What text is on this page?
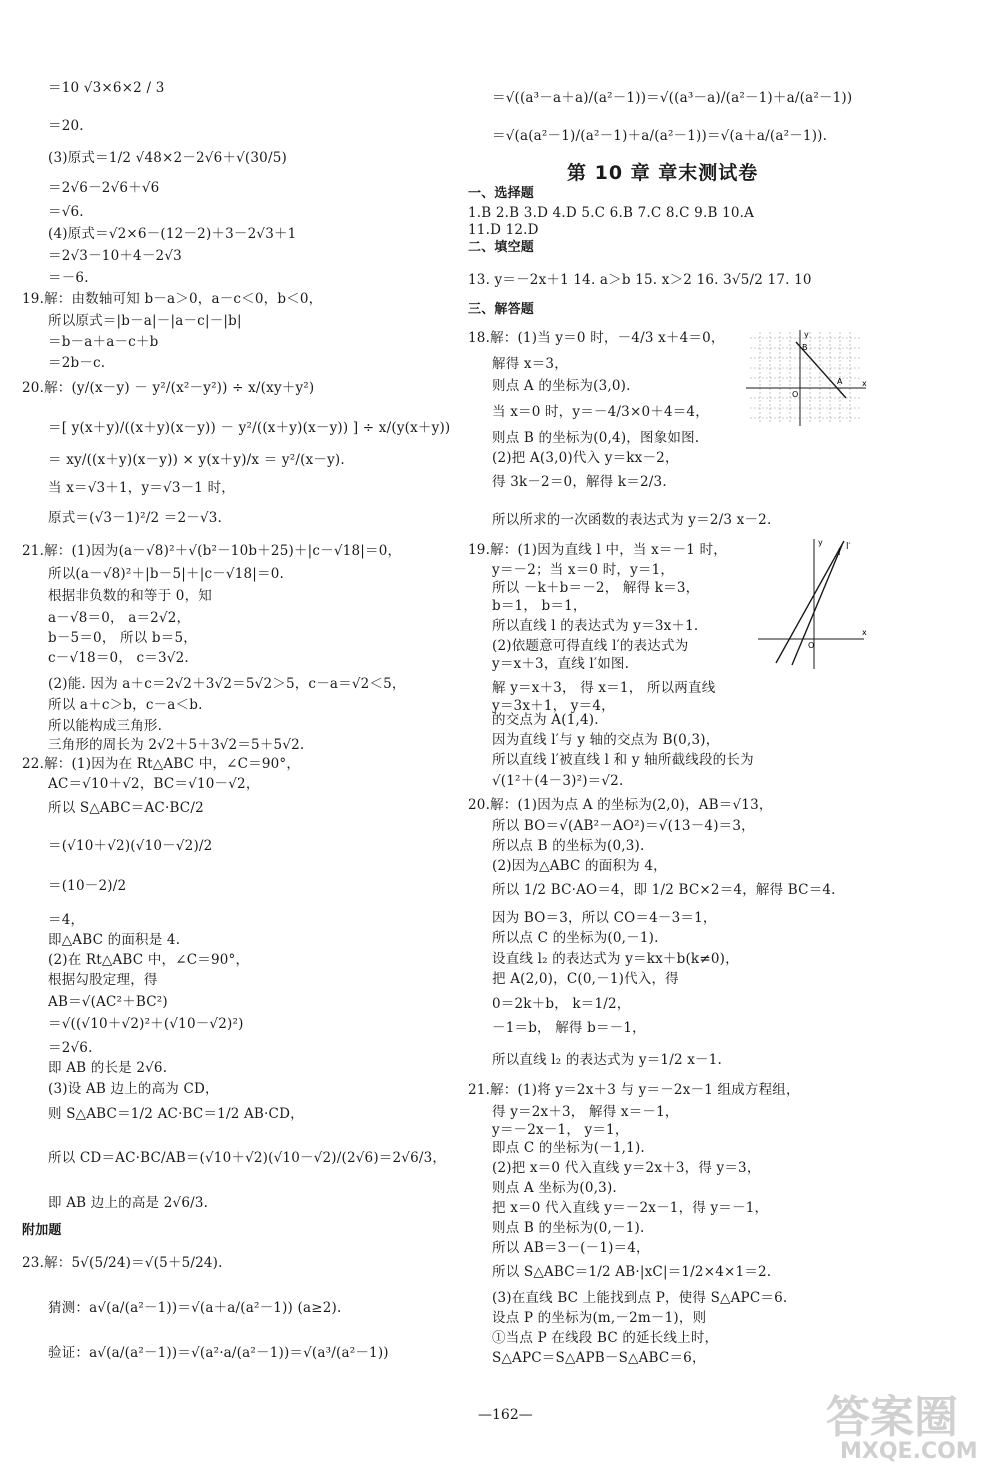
＝10 √3×6×2 / 3
＝20.
(3)原式＝1/2 √48×2－2√6＋√(30/5)
＝2√6－2√6＋√6
＝√6.
(4)原式＝√2×6－(12－2)＋3－2√3＋1
＝2√3－10＋4－2√3
＝－6.
19.解：由数轴可知 b－a＞0，a－c＜0，b＜0，
所以原式＝|b－a|－|a－c|－|b|
＝b－a＋a－c＋b
＝2b－c.
20.解：(y/(x－y) － y²/(x²－y²)) ÷ x/(xy＋y²)
＝[ y(x＋y)/((x＋y)(x－y)) － y²/((x＋y)(x－y)) ] ÷ x/(y(x＋y))
＝ xy/((x＋y)(x－y)) × y(x＋y)/x ＝ y²/(x－y).
当 x＝√3＋1，y＝√3－1 时，
原式＝(√3－1)²/2 ＝2－√3.
21.解：(1)因为(a－√8)²＋√(b²－10b＋25)＋|c－√18|＝0，
所以(a－√8)²＋|b－5|＋|c－√18|＝0.
根据非负数的和等于 0，知
a－√8＝0， a＝2√2，
b－5＝0， 所以 b＝5，
c－√18＝0， c＝3√2.
(2)能. 因为 a＋c＝2√2＋3√2＝5√2＞5，c－a＝√2＜5，
所以 a＋c＞b，c－a＜b.
所以能构成三角形.
三角形的周长为 2√2＋5＋3√2＝5＋5√2.
22.解：(1)因为在 Rt△ABC 中，∠C＝90°，
AC＝√10＋√2，BC＝√10－√2，
所以 S△ABC＝AC·BC/2
＝(√10＋√2)(√10－√2)/2
＝(10－2)/2
＝4，
即△ABC 的面积是 4.
(2)在 Rt△ABC 中，∠C＝90°，
根据勾股定理，得
AB＝√(AC²＋BC²)
＝√((√10＋√2)²＋(√10－√2)²)
＝2√6.
即 AB 的长是 2√6.
(3)设 AB 边上的高为 CD，
则 S△ABC＝1/2 AC·BC＝1/2 AB·CD，
所以 CD＝AC·BC/AB＝(√10＋√2)(√10－√2)/(2√6)＝2√6/3，
即 AB 边上的高是 2√6/3.
附加题
23.解：5√(5/24)＝√(5＋5/24).
猜测：a√(a/(a²－1))＝√(a＋a/(a²－1)) (a≥2).
验证：a√(a/(a²－1))＝√(a²·a/(a²－1))＝√(a³/(a²－1))
＝√((a³－a＋a)/(a²－1))＝√((a³－a)/(a²－1)＋a/(a²－1))
＝√(a(a²－1)/(a²－1)＋a/(a²－1))＝√(a＋a/(a²－1)).
一、选择题
1.B 2.B 3.D 4.D 5.C 6.B 7.C 8.C 9.B 10.A
11.D 12.D
二、填空题
13. y＝－2x＋1 14. a＞b 15. x＞2 16. 3√5/2 17. 10
三、解答题
18.解：(1)当 y＝0 时，－4/3 x＋4＝0，
解得 x＝3，
则点 A 的坐标为(3,0).
当 x＝0 时，y＝－4/3×0＋4＝4，
则点 B 的坐标为(0,4)，图象如图.
(2)把 A(3,0)代入 y＝kx－2，
得 3k－2＝0，解得 k＝2/3.
所以所求的一次函数的表达式为 y＝2/3 x－2.
19.解：(1)因为直线 l 中，当 x＝－1 时，
y＝－2；当 x＝0 时，y＝1，
所以 －k＋b＝－2， 解得 k＝3，
b＝1， b＝1，
所以直线 l 的表达式为 y＝3x＋1.
(2)依题意可得直线 l′的表达式为
y＝x＋3，直线 l′如图.
解 y＝x＋3， 得 x＝1， 所以两直线
y＝3x＋1， y＝4，
的交点为 A(1,4).
因为直线 l′与 y 轴的交点为 B(0,3)，
所以直线 l′被直线 l 和 y 轴所截线段的长为
√(1²＋(4－3)²)＝√2.
20.解：(1)因为点 A 的坐标为(2,0)，AB＝√13，
所以 BO＝√(AB²－AO²)＝√(13－4)＝3，
所以点 B 的坐标为(0,3).
(2)因为△ABC 的面积为 4，
所以 1/2 BC·AO＝4，即 1/2 BC×2＝4，解得 BC＝4.
因为 BO＝3，所以 CO＝4－3＝1，
所以点 C 的坐标为(0,－1).
设直线 l₂ 的表达式为 y＝kx＋b(k≠0)，
把 A(2,0)，C(0,－1)代入，得
0＝2k＋b， k＝1/2，
－1＝b， 解得 b＝－1，
所以直线 l₂ 的表达式为 y＝1/2 x－1.
21.解：(1)将 y＝2x＋3 与 y＝－2x－1 组成方程组，
得 y＝2x＋3， 解得 x＝－1，
y＝－2x－1， y＝1，
即点 C 的坐标为(－1,1).
(2)把 x＝0 代入直线 y＝2x＋3，得 y＝3，
则点 A 坐标为(0,3).
把 x＝0 代入直线 y＝－2x－1，得 y＝－1，
则点 B 的坐标为(0,－1).
所以 AB＝3－(－1)＝4，
所以 S△ABC＝1/2 AB·|xC|＝1/2×4×1＝2.
(3)在直线 BC 上能找到点 P，使得 S△APC＝6.
设点 P 的坐标为(m,－2m－1)，则
①当点 P 在线段 BC 的延长线上时，
S△APC＝S△APB－S△ABC＝6，
第 10 章 章末测试卷
y
x
B
A
O
y
x
l′
l
O
—162—	答案圈
MXQE.COM
